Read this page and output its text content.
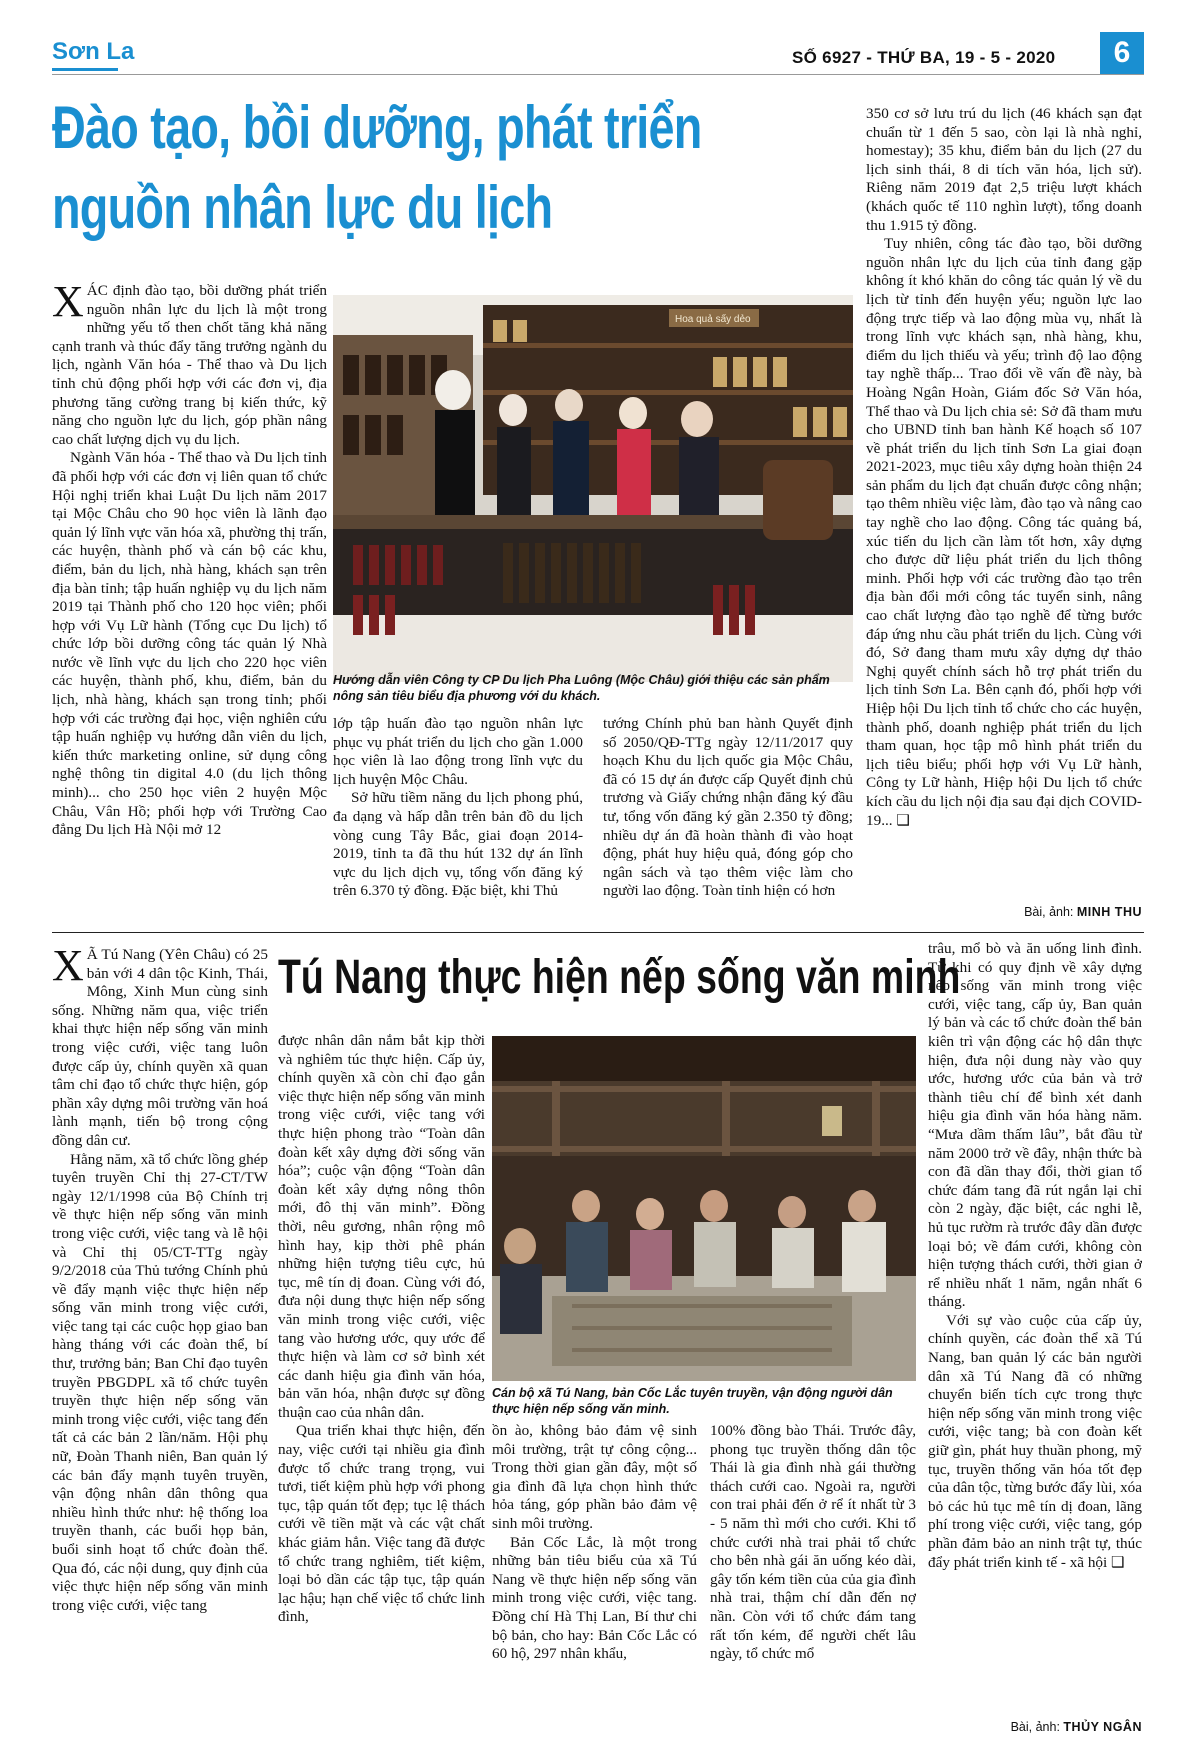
Sơn La	SỐ 6927 - THỨ BA, 19 - 5 - 2020	6
Đào tạo, bồi dưỡng, phát triển
nguồn nhân lực du lịch

XÁC định đào tạo, bồi dưỡng phát triển nguồn nhân lực du lịch là một trong những yếu tố then chốt tăng khả năng cạnh tranh và thúc đẩy tăng trưởng ngành du lịch, ngành Văn hóa - Thể thao và Du lịch tỉnh chủ động phối hợp với các đơn vị, địa phương tăng cường trang bị kiến thức, kỹ năng cho nguồn lực du lịch, góp phần nâng cao chất lượng dịch vụ du lịch.

Ngành Văn hóa - Thể thao và Du lịch tỉnh đã phối hợp với các đơn vị liên quan tổ chức Hội nghị triển khai Luật Du lịch năm 2017 tại Mộc Châu cho 90 học viên là lãnh đạo quản lý lĩnh vực văn hóa xã, phường thị trấn, các huyện, thành phố và cán bộ các khu, điểm, bản du lịch, nhà hàng, khách sạn trên địa bàn tỉnh; tập huấn nghiệp vụ du lịch năm 2019 tại Thành phố cho 120 học viên; phối hợp với Vụ Lữ hành (Tổng cục Du lịch) tổ chức lớp bồi dưỡng công tác quản lý Nhà nước về lĩnh vực du lịch cho 220 học viên các huyện, thành phố, khu, điểm, bản du lịch, nhà hàng, khách sạn trong tỉnh; phối hợp với các trường đại học, viện nghiên cứu tập huấn nghiệp vụ hướng dẫn viên du lịch, kiến thức marketing online, sử dụng công nghệ thông tin digital 4.0 (du lịch thông minh)... cho 250 học viên 2 huyện Mộc Châu, Vân Hồ; phối hợp với Trường Cao đẳng Du lịch Hà Nội mở 12

Hoa quả sấy dẻo
Hướng dẫn viên Công ty CP Du lịch Pha Luông (Mộc Châu) giới thiệu các sản phẩm nông sản tiêu biểu địa phương với du khách.

lớp tập huấn đào tạo nguồn nhân lực phục vụ phát triển du lịch cho gần 1.000 học viên là lao động trong lĩnh vực du lịch huyện Mộc Châu.

Sở hữu tiềm năng du lịch phong phú, đa dạng và hấp dẫn trên bản đồ du lịch vòng cung Tây Bắc, giai đoạn 2014-2019, tỉnh ta đã thu hút 132 dự án lĩnh vực du lịch dịch vụ, tổng vốn đăng ký trên 6.370 tỷ đồng. Đặc biệt, khi Thủ

tướng Chính phủ ban hành Quyết định số 2050/QĐ-TTg ngày 12/11/2017 quy hoạch Khu du lịch quốc gia Mộc Châu, đã có 15 dự án được cấp Quyết định chủ trương và Giấy chứng nhận đăng ký đầu tư, tổng vốn đăng ký gần 2.350 tỷ đồng; nhiều dự án đã hoàn thành đi vào hoạt động, phát huy hiệu quả, đóng góp cho ngân sách và tạo thêm việc làm cho người lao động. Toàn tỉnh hiện có hơn

350 cơ sở lưu trú du lịch (46 khách sạn đạt chuẩn từ 1 đến 5 sao, còn lại là nhà nghỉ, homestay); 35 khu, điểm bản du lịch (27 du lịch sinh thái, 8 di tích văn hóa, lịch sử). Riêng năm 2019 đạt 2,5 triệu lượt khách (khách quốc tế 110 nghìn lượt), tổng doanh thu 1.915 tỷ đồng.

Tuy nhiên, công tác đào tạo, bồi dưỡng nguồn nhân lực du lịch của tỉnh đang gặp không ít khó khăn do công tác quản lý về du lịch từ tỉnh đến huyện yếu; nguồn lực lao động trực tiếp và lao động mùa vụ, nhất là trong lĩnh vực khách sạn, nhà hàng, khu, điểm du lịch thiếu và yếu; trình độ lao động tay nghề thấp... Trao đổi về vấn đề này, bà Hoàng Ngân Hoàn, Giám đốc Sở Văn hóa, Thể thao và Du lịch chia sẻ: Sở đã tham mưu cho UBND tỉnh ban hành Kế hoạch số 107 về phát triển du lịch tỉnh Sơn La giai đoạn 2021-2023, mục tiêu xây dựng hoàn thiện 24 sản phẩm du lịch đạt chuẩn được công nhận; tạo thêm nhiều việc làm, đào tạo và nâng cao tay nghề cho lao động. Công tác quảng bá, xúc tiến du lịch cần làm tốt hơn, xây dựng cho được dữ liệu phát triển du lịch thông minh. Phối hợp với các trường đào tạo trên địa bàn đổi mới công tác tuyển sinh, nâng cao chất lượng đào tạo nghề để từng bước đáp ứng nhu cầu phát triển du lịch. Cùng với đó, Sở đang tham mưu xây dựng dự thảo Nghị quyết chính sách hỗ trợ phát triển du lịch tỉnh Sơn La. Bên cạnh đó, phối hợp với Hiệp hội Du lịch tỉnh tổ chức cho các huyện, thành phố, doanh nghiệp phát triển du lịch tham quan, học tập mô hình phát triển du lịch tiêu biểu; phối hợp với Vụ Lữ hành, Công ty Lữ hành, Hiệp hội Du lịch tổ chức kích cầu du lịch nội địa sau đại dịch COVID-19... ❑

Bài, ảnh: MINH THU
Tú Nang thực hiện nếp sống văn minh

X Ã Tú Nang (Yên Châu) có 25 bản với 4 dân tộc Kinh, Thái, Mông, Xinh Mun cùng sinh sống. Những năm qua, việc triển khai thực hiện nếp sống văn minh trong việc cưới, việc tang luôn được cấp ủy, chính quyền xã quan tâm chỉ đạo tổ chức thực hiện, góp phần xây dựng môi trường văn hoá lành mạnh, tiến bộ trong cộng đồng dân cư.

Hằng năm, xã tổ chức lồng ghép tuyên truyền Chỉ thị 27-CT/TW ngày 12/1/1998 của Bộ Chính trị về thực hiện nếp sống văn minh trong việc cưới, việc tang và lễ hội và Chỉ thị 05/CT-TTg ngày 9/2/2018 của Thủ tướng Chính phủ về đẩy mạnh việc thực hiện nếp sống văn minh trong việc cưới, việc tang tại các cuộc họp giao ban hàng tháng với các đoàn thể, bí thư, trưởng bản; Ban Chỉ đạo tuyên truyền PBGDPL xã tổ chức tuyên truyền thực hiện nếp sống văn minh trong việc cưới, việc tang đến tất cả các bản 2 lần/năm. Hội phụ nữ, Đoàn Thanh niên, Ban quản lý các bản đẩy mạnh tuyên truyền, vận động nhân dân thông qua nhiều hình thức như: hệ thống loa truyền thanh, các buổi họp bản, buổi sinh hoạt tổ chức đoàn thể. Qua đó, các nội dung, quy định của việc thực hiện nếp sống văn minh trong việc cưới, việc tang

được nhân dân nắm bắt kịp thời và nghiêm túc thực hiện. Cấp ủy, chính quyền xã còn chỉ đạo gắn việc thực hiện nếp sống văn minh trong việc cưới, việc tang với thực hiện phong trào “Toàn dân đoàn kết xây dựng đời sống văn hóa”; cuộc vận động “Toàn dân đoàn kết xây dựng nông thôn mới, đô thị văn minh”. Đồng thời, nêu gương, nhân rộng mô hình hay, kịp thời phê phán những hiện tượng tiêu cực, hủ tục, mê tín dị đoan. Cùng với đó, đưa nội dung thực hiện nếp sống văn minh trong việc cưới, việc tang vào hương ước, quy ước để thực hiện và làm cơ sở bình xét các danh hiệu gia đình văn hóa, bản văn hóa, nhận được sự đồng thuận cao của nhân dân.

Qua triển khai thực hiện, đến nay, việc cưới tại nhiều gia đình được tổ chức trang trọng, vui tươi, tiết kiệm phù hợp với phong tục, tập quán tốt đẹp; tục lệ thách cưới về tiền mặt và các vật chất khác giảm hẳn. Việc tang đã được tổ chức trang nghiêm, tiết kiệm, loại bỏ dần các tập tục, tập quán lạc hậu; hạn chế việc tổ chức linh đình,

Cán bộ xã Tú Nang, bản Cốc Lắc tuyên truyền, vận động người dân thực hiện nếp sống văn minh.

ồn ào, không bảo đảm vệ sinh môi trường, trật tự công cộng... Trong thời gian gần đây, một số gia đình đã lựa chọn hình thức hỏa táng, góp phần bảo đảm vệ sinh môi trường.

Bản Cốc Lắc, là một trong những bản tiêu biểu của xã Tú Nang về thực hiện nếp sống văn minh trong việc cưới, việc tang. Đồng chí Hà Thị Lan, Bí thư chi bộ bản, cho hay: Bản Cốc Lắc có 60 hộ, 297 nhân khẩu,

100% đồng bào Thái. Trước đây, phong tục truyền thống dân tộc Thái là gia đình nhà gái thường thách cưới cao. Ngoài ra, người con trai phải đến ở rể ít nhất từ 3 - 5 năm thì mới cho cưới. Khi tổ chức cưới nhà trai phải tổ chức cho bên nhà gái ăn uống kéo dài, gây tốn kém tiền của của gia đình nhà trai, thậm chí dẫn đến nợ nần. Còn với tổ chức đám tang rất tốn kém, để người chết lâu ngày, tổ chức mổ

trâu, mổ bò và ăn uống linh đình. Từ khi có quy định về xây dựng nếp sống văn minh trong việc cưới, việc tang, cấp ủy, Ban quản lý bản và các tổ chức đoàn thể bản kiên trì vận động các hộ dân thực hiện, đưa nội dung này vào quy ước, hương ước của bản và trở thành tiêu chí để bình xét danh hiệu gia đình văn hóa hàng năm. “Mưa dầm thấm lâu”, bắt đầu từ năm 2000 trở về đây, nhận thức bà con đã dần thay đổi, thời gian tổ chức đám tang đã rút ngắn lại chỉ còn 2 ngày, đặc biệt, các nghi lễ, hủ tục rườm rà trước đây dần được loại bỏ; về đám cưới, không còn hiện tượng thách cưới, thời gian ở rể nhiều nhất 1 năm, ngắn nhất 6 tháng.

Với sự vào cuộc của cấp ủy, chính quyền, các đoàn thể xã Tú Nang, ban quản lý các bản người dân xã Tú Nang đã có những chuyển biến tích cực trong thực hiện nếp sống văn minh trong việc cưới, việc tang; bà con đoàn kết giữ gìn, phát huy thuần phong, mỹ tục, truyền thống văn hóa tốt đẹp của dân tộc, từng bước đẩy lùi, xóa bỏ các hủ tục mê tín dị đoan, lãng phí trong việc cưới, việc tang, góp phần đảm bảo an ninh trật tự, thúc đẩy phát triển kinh tế - xã hội ❑

Bài, ảnh: THỦY NGÂN
